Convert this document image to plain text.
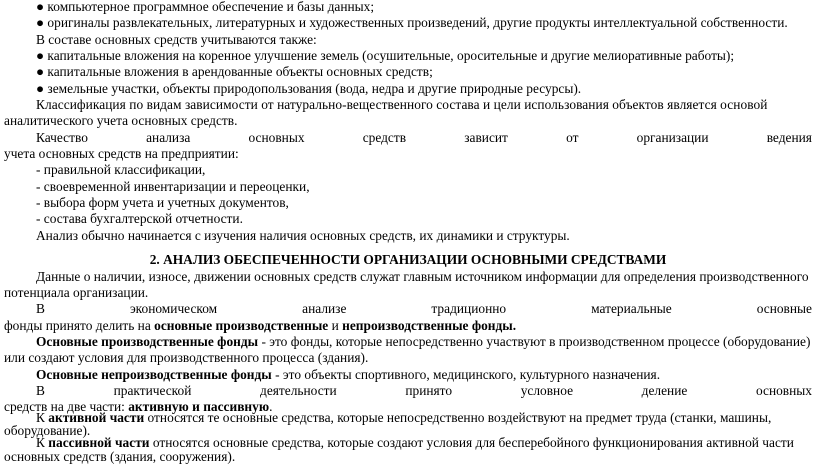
● компьютерное программное обеспечение и базы данных;
● оригиналы развлекательных, литературных и художественных произведений, другие продукты интеллектуальной собственности.
В составе основных средств учитываются также:
● капитальные вложения на коренное улучшение земель (осушительные, оросительные и другие мелиоративные работы);
● капитальные вложения в арендованные объекты основных средств;
● земельные участки, объекты природопользования (вода, недра и другие природные ресурсы).
Классификация по видам зависимости от натурально-вещественного состава и цели использования объектов является основой
аналитического учета основных средств.
Качество	анализа	основных	средств	зависит	от	организации	ведения
учета основных средств на предприятии:
- правильной классификации,
- своевременной инвентаризации и переоценки,
- выбора форм учета и учетных документов,
- состава бухгалтерской отчетности.
Анализ обычно начинается с изучения наличия основных средств, их динамики и структуры.
2. АНАЛИЗ ОБЕСПЕЧЕННОСТИ ОРГАНИЗАЦИИ ОСНОВНЫМИ СРЕДСТВАМИ
Данные о наличии, износе, движении основных средств служат главным источником информации для определения производственного
потенциала организации.
В	экономическом	анализе	традиционно	материальные	основные
фонды принято делить на основные производственные и непроизводственные фонды.
Основные производственные фонды - это фонды, которые непосредственно участвуют в производственном процессе (оборудование)
или создают условия для производственного процесса (здания).
Основные непроизводственные фонды - это объекты спортивного, медицинского, культурного назначения.
В	практической	деятельности	принято	условное	деление	основных
средств на две части: активную и пассивную.
К активной части относятся те основные средства, которые непосредственно воздействуют на предмет труда (станки, машины,
оборудование).
К пассивной части относятся основные средства, которые создают условия для бесперебойного функционирования активной части
основных средств (здания, сооружения).
